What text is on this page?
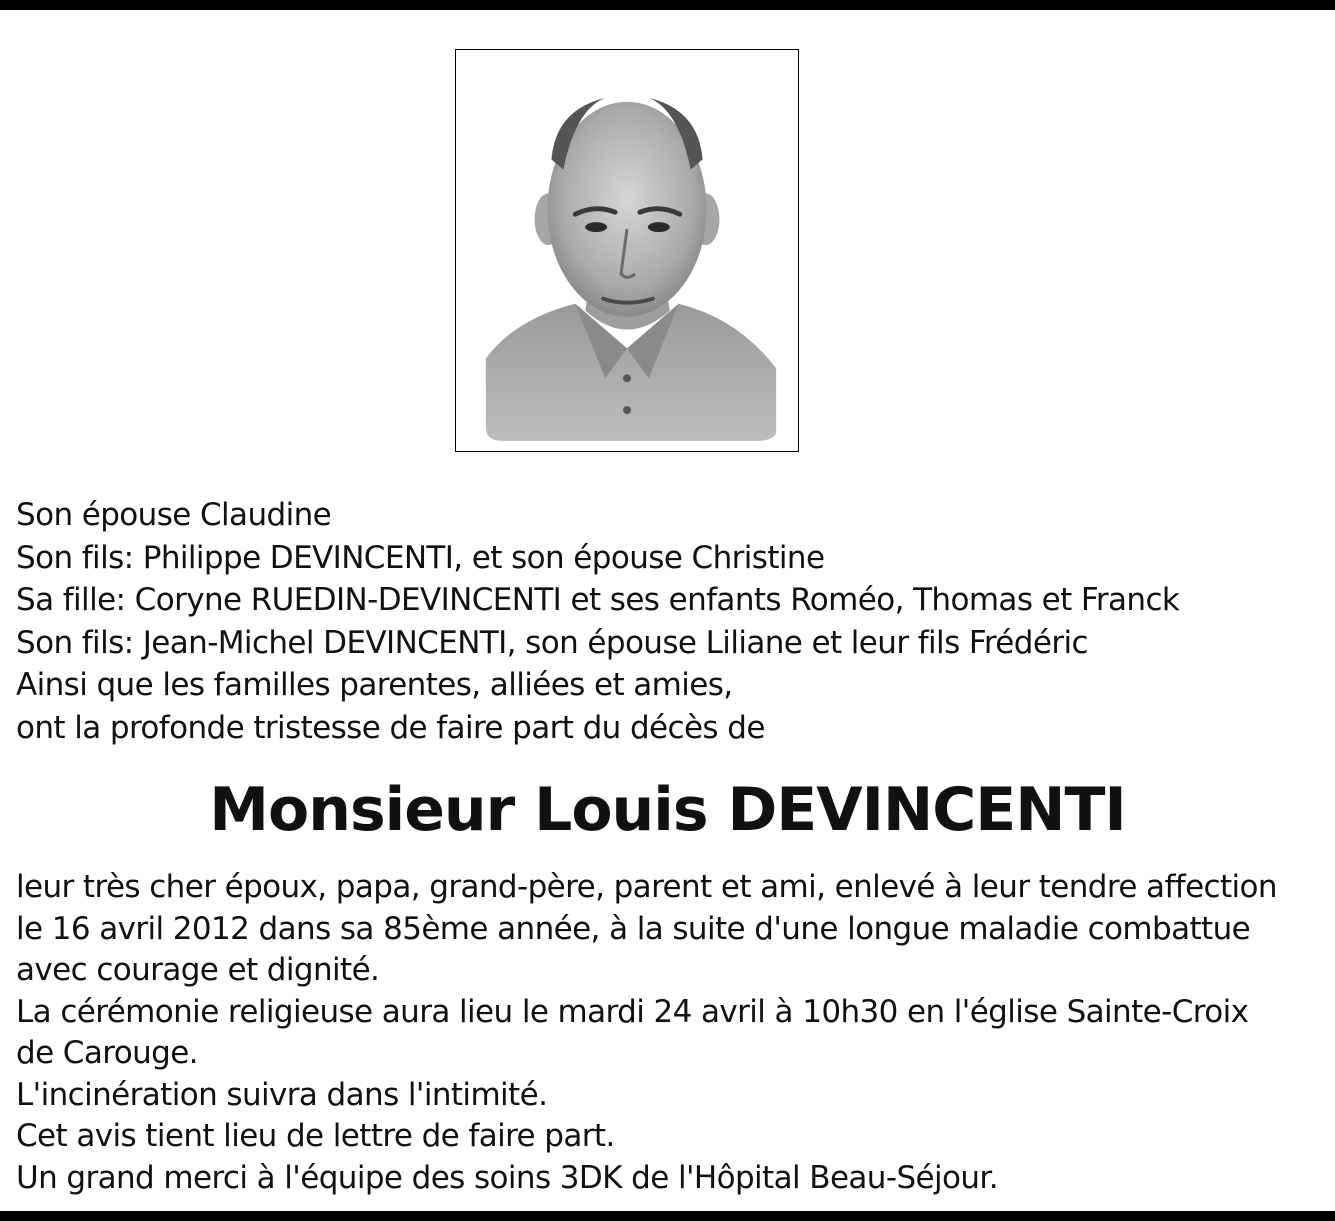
Son épouse Claudine
Son fils: Philippe DEVINCENTI, et son épouse Christine
Sa fille: Coryne RUEDIN-DEVINCENTI et ses enfants Roméo, Thomas et Franck
Son fils: Jean-Michel DEVINCENTI, son épouse Liliane et leur fils Frédéric
Ainsi que les familles parentes, alliées et amies,
ont la profonde tristesse de faire part du décès de
Monsieur Louis DEVINCENTI
leur très cher époux, papa, grand-père, parent et ami, enlevé à leur tendre affection
le 16 avril 2012 dans sa 85ème année, à la suite d'une longue maladie combattue
avec courage et dignité.
La cérémonie religieuse aura lieu le mardi 24 avril à 10h30 en l'église Sainte-Croix
de Carouge.
L'incinération suivra dans l'intimité.
Cet avis tient lieu de lettre de faire part.
Un grand merci à l'équipe des soins 3DK de l'Hôpital Beau-Séjour.
